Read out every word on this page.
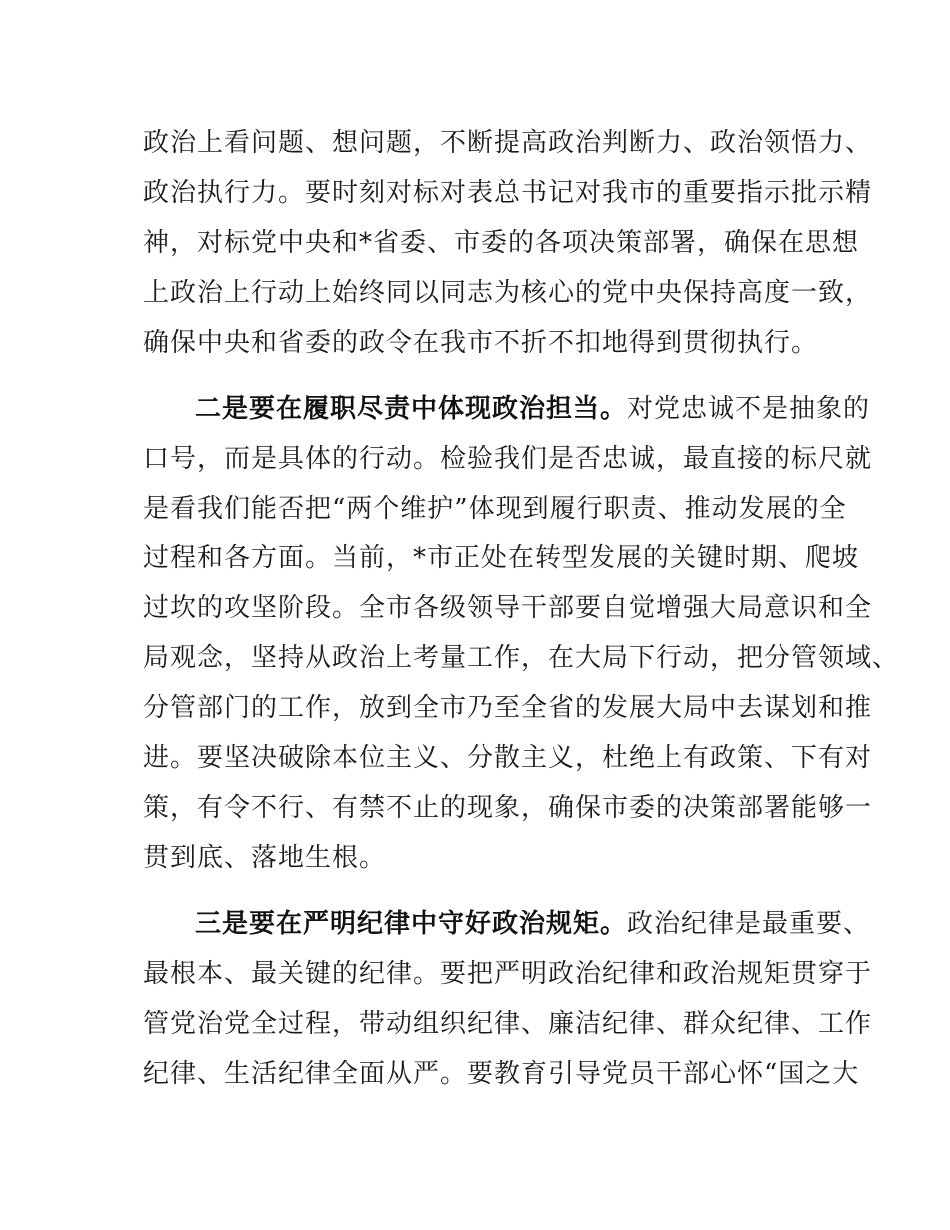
政治上看问题、想问题，不断提高政治判断力、政治领悟力、
政治执行力。要时刻对标对表总书记对我市的重要指示批示精
神，对标党中央和*省委、市委的各项决策部署，确保在思想
上政治上行动上始终同以同志为核心的党中央保持高度一致，
确保中央和省委的政令在我市不折不扣地得到贯彻执行。
二是要在履职尽责中体现政治担当。对党忠诚不是抽象的
口号，而是具体的行动。检验我们是否忠诚，最直接的标尺就
是看我们能否把“两个维护”体现到履行职责、推动发展的全
过程和各方面。当前，*市正处在转型发展的关键时期、爬坡
过坎的攻坚阶段。全市各级领导干部要自觉增强大局意识和全
局观念，坚持从政治上考量工作，在大局下行动，把分管领域、
分管部门的工作，放到全市乃至全省的发展大局中去谋划和推
进。要坚决破除本位主义、分散主义，杜绝上有政策、下有对
策，有令不行、有禁不止的现象，确保市委的决策部署能够一
贯到底、落地生根。
三是要在严明纪律中守好政治规矩。政治纪律是最重要、
最根本、最关键的纪律。要把严明政治纪律和政治规矩贯穿于
管党治党全过程，带动组织纪律、廉洁纪律、群众纪律、工作
纪律、生活纪律全面从严。要教育引导党员干部心怀“国之大
